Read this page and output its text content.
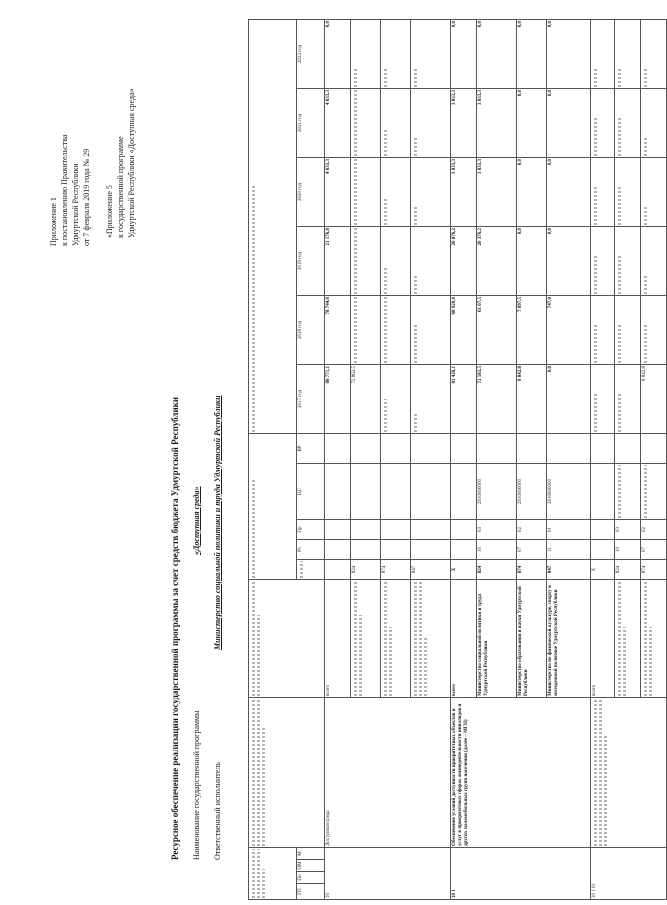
Приложение 1 к постановлению Правительства Удмуртской Республики от 7 февраля 2019 года № 29 «Приложение 5 к государственной программе Удмуртской Республики «Доступная среда»
Ресурсное обеспечение реализации государственной программы за счет средств бюджета Удмуртской Республики Наименование государственной программы
«Доступная среда»
Ответственный исполнитель
Министерство социальной политики и труда Удмуртской Республики

ГП	Пп	ОМ	М				Рз	Пр	ЦС	ВР	2017 год	2018 год	2019 год	2020 год	2021 год	2022 год
10				Доступная среда	всего						88 771,1	78 744,0	21 176,8	4 633,3	4 633,3	0,0

						824					72 863,5	

						874					

						847					

10 1				Обеспечение условий доступности приоритетных объектов и услуг в приоритетных сферах жизнедеятельности инвалидов и других маломобильных групп населения (далее – МГН)	всего	Х					81 426,1	68 920,0	20 876,2	3 833,3	3 833,3	0,0
					Министерство социальной политики и труда Удмуртской Республики	824	10	03	2910000000		72 583,5	61 07,5	20 376,2	3 833,3	3 833,3	0,0
					Министерство образования и науки Удмуртской Республики	874	07	02	2910000000		8 842,8	7 097,5	0,0	0,0	0,0	0,0
					Министерство по физической культуре, спорту и молодежной политике Удмуртской Республики	847	11	01	2910000000		0,0	747,0	0,0	0,0	0,0	0,0
10 1 01					всего	Х					

						824	10	03	

						874	07	02			8 842,8	
